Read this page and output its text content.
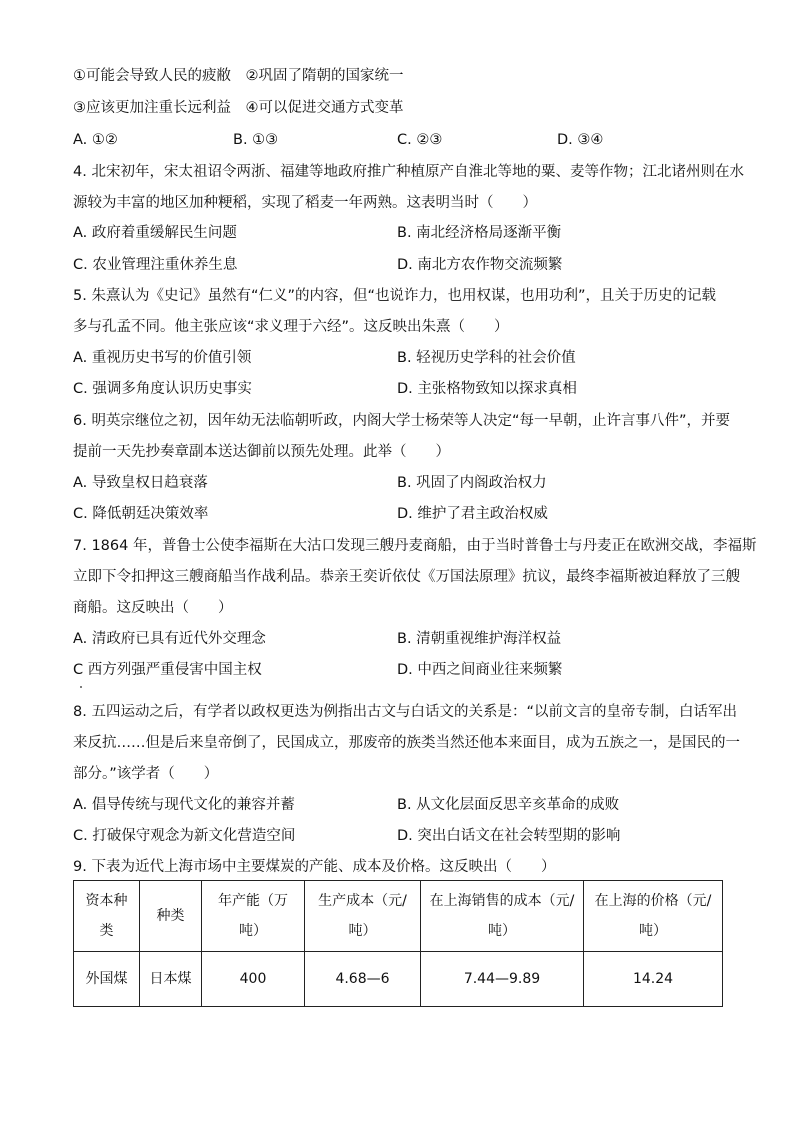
①可能会导致人民的疲敝　②巩固了隋朝的国家统一
③应该更加注重长远利益　④可以促进交通方式变革
A. ①②	B. ①③	C. ②③	D. ③④
4. 北宋初年，宋太祖诏令两浙、福建等地政府推广种植原产自淮北等地的粟、麦等作物；江北诸州则在水
源较为丰富的地区加种粳稻，实现了稻麦一年两熟。这表明当时（　　）
A. 政府着重缓解民生问题	B. 南北经济格局逐渐平衡
C. 农业管理注重休养生息	D. 南北方农作物交流频繁
5. 朱熹认为《史记》虽然有“仁义”的内容，但“也说诈力，也用权谋，也用功利”，且关于历史的记载
多与孔孟不同。他主张应该“求义理于六经”。这反映出朱熹（　　）
A. 重视历史书写的价值引领	B. 轻视历史学科的社会价值
C. 强调多角度认识历史事实	D. 主张格物致知以探求真相
6. 明英宗继位之初，因年幼无法临朝听政，内阁大学士杨荣等人决定“每一早朝，止许言事八件”，并要
提前一天先抄奏章副本送达御前以预先处理。此举（　　）
A. 导致皇权日趋衰落	B. 巩固了内阁政治权力
C. 降低朝廷决策效率	D. 维护了君主政治权威
7. 1864 年，普鲁士公使李福斯在大沽口发现三艘丹麦商船，由于当时普鲁士与丹麦正在欧洲交战，李福斯
立即下令扣押这三艘商船当作战利品。恭亲王奕䜣依仗《万国法原理》抗议，最终李福斯被迫释放了三艘
商船。这反映出（　　）
A. 清政府已具有近代外交理念	B. 清朝重视维护海洋权益
C 西方列强严重侵害中国主权	D. 中西之间商业往来频繁
8. 五四运动之后，有学者以政权更迭为例指出古文与白话文的关系是：“以前文言的皇帝专制，白话军出
来反抗……但是后来皇帝倒了，民国成立，那废帝的族类当然还他本来面目，成为五族之一，是国民的一
部分。”该学者（　　）
A. 倡导传统与现代文化的兼容并蓄	B. 从文化层面反思辛亥革命的成败
C. 打破保守观念为新文化营造空间	D. 突出白话文在社会转型期的影响
9. 下表为近代上海市场中主要煤炭的产能、成本及价格。这反映出（　　）
资本种
类	种类	年产能（万
吨）	生产成本（元/
吨）	在上海销售的成本（元/
吨）	在上海的价格（元/
吨）
外国煤	日本煤	400	4.68—6	7.44—9.89	14.24
